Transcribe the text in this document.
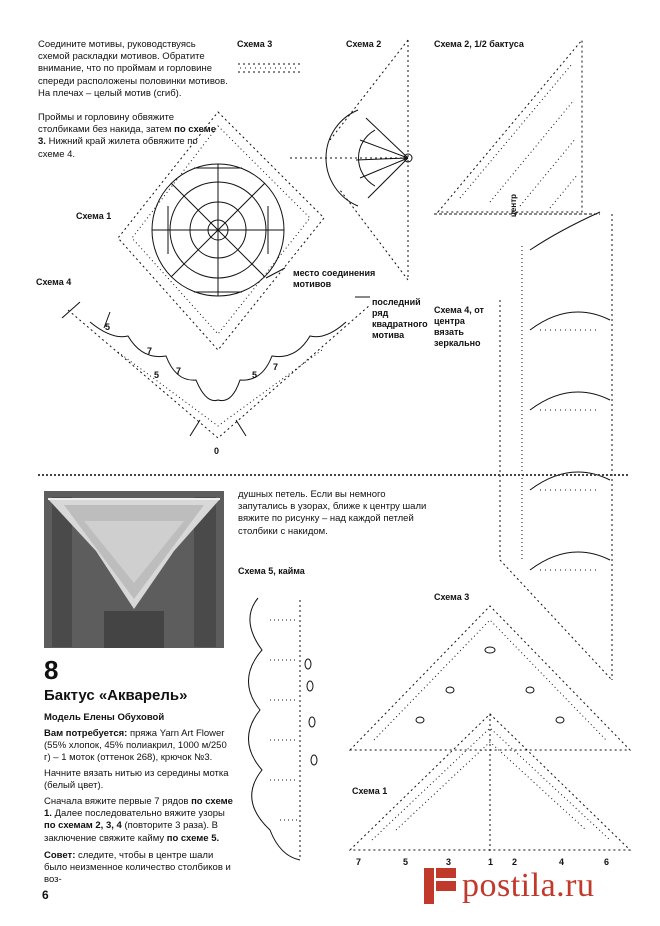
Соедините мотивы, руководствуясь схемой раскладки мотивов. Обратите внимание, что по проймам и горловине спереди расположены половинки мотивов. На плечах – целый мотив (сгиб).
Проймы и горловину обвяжите столбиками без накида, затем по схеме 3. Нижний край жилета обвяжите по схеме 4.
Схема 3	Схема 2	Схема 2, 1/2 бактуса
Схема 1
Схема 4
место соединения мотивов
последний ряд квадратного мотива
центр
Схема 4, от центра вязать зеркально
Схема 5, кайма
Схема 3
Схема 1
0
7	5	3	1 2	4	6
5
7
5 7	5
7
8
Бактус «Акварель»
Модель Елены Обуховой
Вам потребуется: пряжа Yarn Art Flower (55% хлопок, 45% полиакрил, 1000 м/250 г) – 1 моток (оттенок 268), крючок №3.
Начните вязать нитью из середины мотка (белый цвет).
Сначала вяжите первые 7 рядов по схеме 1. Далее последовательно вяжите узоры по схемам 2, 3, 4 (повторите 3 раза). В заключение свяжите кайму по схеме 5.
Совет: следите, чтобы в центре шали было неизменное количество столбиков и воз-
душных петель. Если вы немного запутались в узорах, ближе к центру шали вяжите по рисунку – над каждой петлей столбики с накидом.
6	postila.ru
